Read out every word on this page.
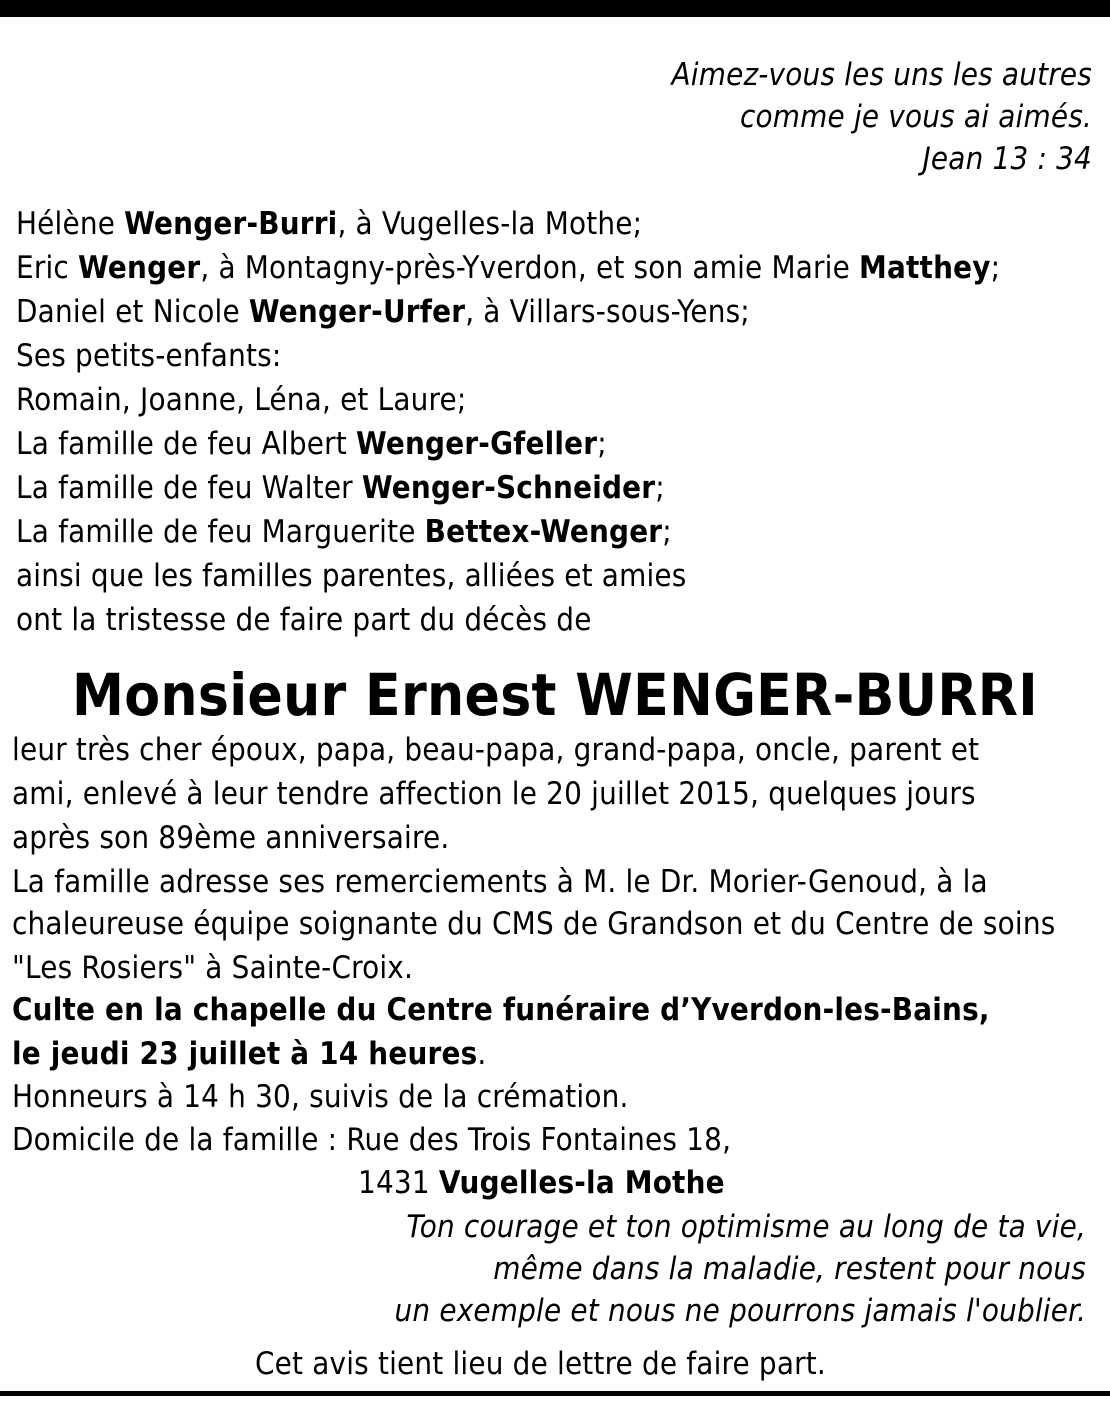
Aimez-vous les uns les autres
comme je vous ai aimés.
Jean 13 : 34
Hélène Wenger-Burri, à Vugelles-la Mothe;
Eric Wenger, à Montagny-près-Yverdon, et son amie Marie Matthey;
Daniel et Nicole Wenger-Urfer, à Villars-sous-Yens;
Ses petits-enfants:
Romain, Joanne, Léna, et Laure;
La famille de feu Albert Wenger-Gfeller;
La famille de feu Walter Wenger-Schneider;
La famille de feu Marguerite Bettex-Wenger;
ainsi que les familles parentes, alliées et amies
ont la tristesse de faire part du décès de
Monsieur Ernest WENGER-BURRI
leur très cher époux, papa, beau-papa, grand-papa, oncle, parent et
ami, enlevé à leur tendre affection le 20 juillet 2015, quelques jours
après son 89ème anniversaire.
La famille adresse ses remerciements à M. le Dr. Morier-Genoud, à la
chaleureuse équipe soignante du CMS de Grandson et du Centre de soins
"Les Rosiers" à Sainte-Croix.
Culte en la chapelle du Centre funéraire d’Yverdon-les-Bains,
le jeudi 23 juillet à 14 heures.
Honneurs à 14 h 30, suivis de la crémation.
Domicile de la famille : Rue des Trois Fontaines 18,
1431 Vugelles-la Mothe
Ton courage et ton optimisme au long de ta vie,
même dans la maladie, restent pour nous
un exemple et nous ne pourrons jamais l'oublier.
Cet avis tient lieu de lettre de faire part.
